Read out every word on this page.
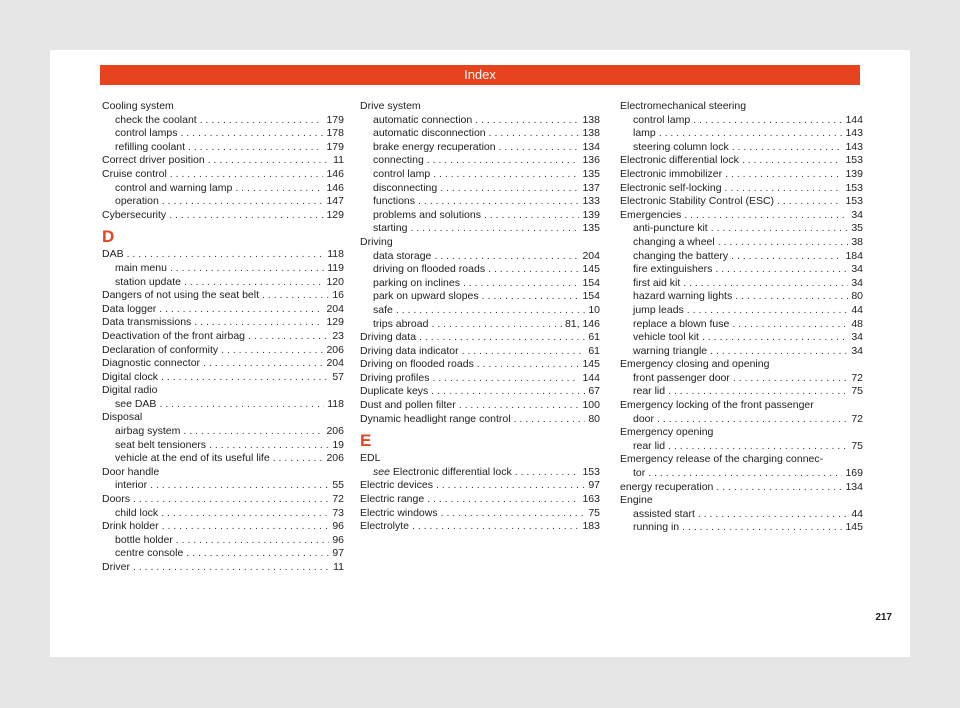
Index
Cooling system
check the coolant . . .	179
control lamps . . .	178
refilling coolant . . .	179
Correct driver position . . .	11
Cruise control . . .	146
control and warning lamp . . .	146
operation . . .	147
Cybersecurity . . .	129
D
DAB . . .	118
main menu . . .	119
station update . . .	120
Dangers of not using the seat belt . . .	16
Data logger . . .	204
Data transmissions . . .	129
Deactivation of the front airbag . . .	23
Declaration of conformity . . .	206
Diagnostic connector . . .	204
Digital clock . . .	57
Digital radio
see DAB . . .	118
Disposal
airbag system . . .	206
seat belt tensioners . . .	19
vehicle at the end of its useful life . . .	206
Door handle
interior . . .	55
Doors . . .	72
child lock . . .	73
Drink holder . . .	96
bottle holder . . .	96
centre console . . .	97
Driver . . .	11
Drive system
automatic connection . . .	138
automatic disconnection . . .	138
brake energy recuperation . . .	134
connecting . . .	136
control lamp . . .	135
disconnecting . . .	137
functions . . .	133
problems and solutions . . .	139
starting . . .	135
Driving
data storage . . .	204
driving on flooded roads . . .	145
parking on inclines . . .	154
park on upward slopes . . .	154
safe . . .	10
trips abroad . . .	81, 146
Driving data . . .	61
Driving data indicator . . .	61
Driving on flooded roads . . .	145
Driving profiles . . .	144
Duplicate keys . . .	67
Dust and pollen filter . . .	100
Dynamic headlight range control . . .	80
E
EDL
see Electronic differential lock . . .	153
Electric devices . . .	97
Electric range . . .	163
Electric windows . . .	75
Electrolyte . . .	183
Electromechanical steering
control lamp . . .	144
lamp . . .	143
steering column lock . . .	143
Electronic differential lock . . .	153
Electronic immobilizer . . .	139
Electronic self-locking . . .	153
Electronic Stability Control (ESC) . . .	153
Emergencies . . .	34
anti-puncture kit . . .	35
changing a wheel . . .	38
changing the battery . . .	184
fire extinguishers . . .	34
first aid kit . . .	34
hazard warning lights . . .	80
jump leads . . .	44
replace a blown fuse . . .	48
vehicle tool kit . . .	34
warning triangle . . .	34
Emergency closing and opening
front passenger door . . .	72
rear lid . . .	75
Emergency locking of the front passenger
door . . .	72
Emergency opening
rear lid . . .	75
Emergency release of the charging connec-
tor . . .	169
energy recuperation . . .	134
Engine
assisted start . . .	44
running in . . .	145
217
